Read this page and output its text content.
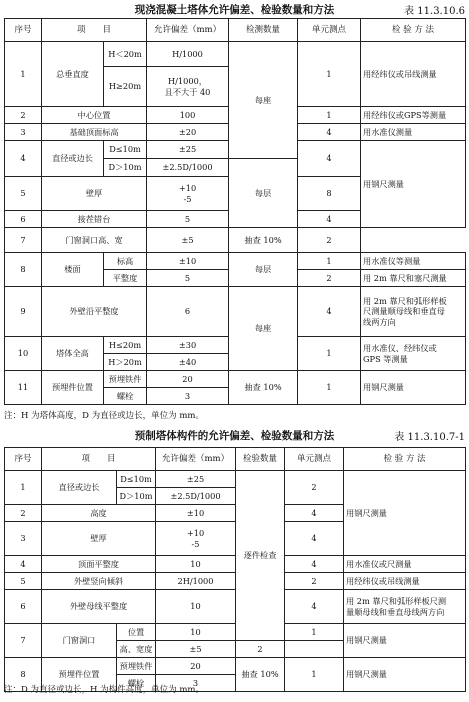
现浇混凝土塔体允许偏差、检验数量和方法	表 11.3.10.6
序号	项　　目		允许偏差（mm）	检测数量	单元测点	检 验 方 法
1	总垂直度	H＜20m	H/1000	每座	1	用经纬仪或吊线测量
		H≥20m	H/1000，
且不大于 40			
2	中心位置		100		1	用经纬仪或GPS等测量
3	基础顶面标高		±20		4	用水准仪测量
4	直径或边长	D≤10m	±25		4	用钢尺测量
		D＞10m	±2.5D/1000	每层		
5	壁厚		+10
-5		8	
6	接茬错台		5		4	
7	门窗洞口高、宽		±5	抽查 10%	2	
8	楼面	标高	±10	每层	1	用水准仪等测量
		平整度	5		2	用 2m 靠尺和塞尺测量
9	外壁沿平整度		6	每座	4	用 2m 靠尺和弧形样板
尺测量顺母线和垂直母
线两方向
10	塔体全高	H≤20m	±30		1	用水准仪、经纬仪或
GPS 等测量
		H＞20m	±40			
11	预埋件位置	预埋铁件	20	抽查 10%	1	用钢尺测量
		螺栓	3			
注：H 为塔体高度，D 为直径或边长，单位为 mm。
预制塔体构件的允许偏差、检验数量和方法	表 11.3.10.7-1
序号	项　　目		允许偏差（mm）	检验数量	单元测点	检 验 方 法
1	直径或边长	D≤10m	±25	逐件检查	2	用钢尺测量
		D＞10m	±2.5D/1000			
2	高度		±10		4	
3	壁厚		+10
-5		4	
4	顶面平整度		10		4	用水准仪或尺测量
5	外壁竖向倾斜		2H/1000		2	用经纬仪或吊线测量
6	外壁母线平整度		10		4	用 2m 靠尺和弧形样板尺测
量顺母线和垂直母线两方向
7	门窗洞口	位置	10		1	用钢尺测量
		高、宽度	±5	2		
8	预埋件位置	预埋铁件	20	抽查 10%	1	用钢尺测量
		螺栓	3			
注：D 为直径或边长，H 为构件高度，单位为 mm。
